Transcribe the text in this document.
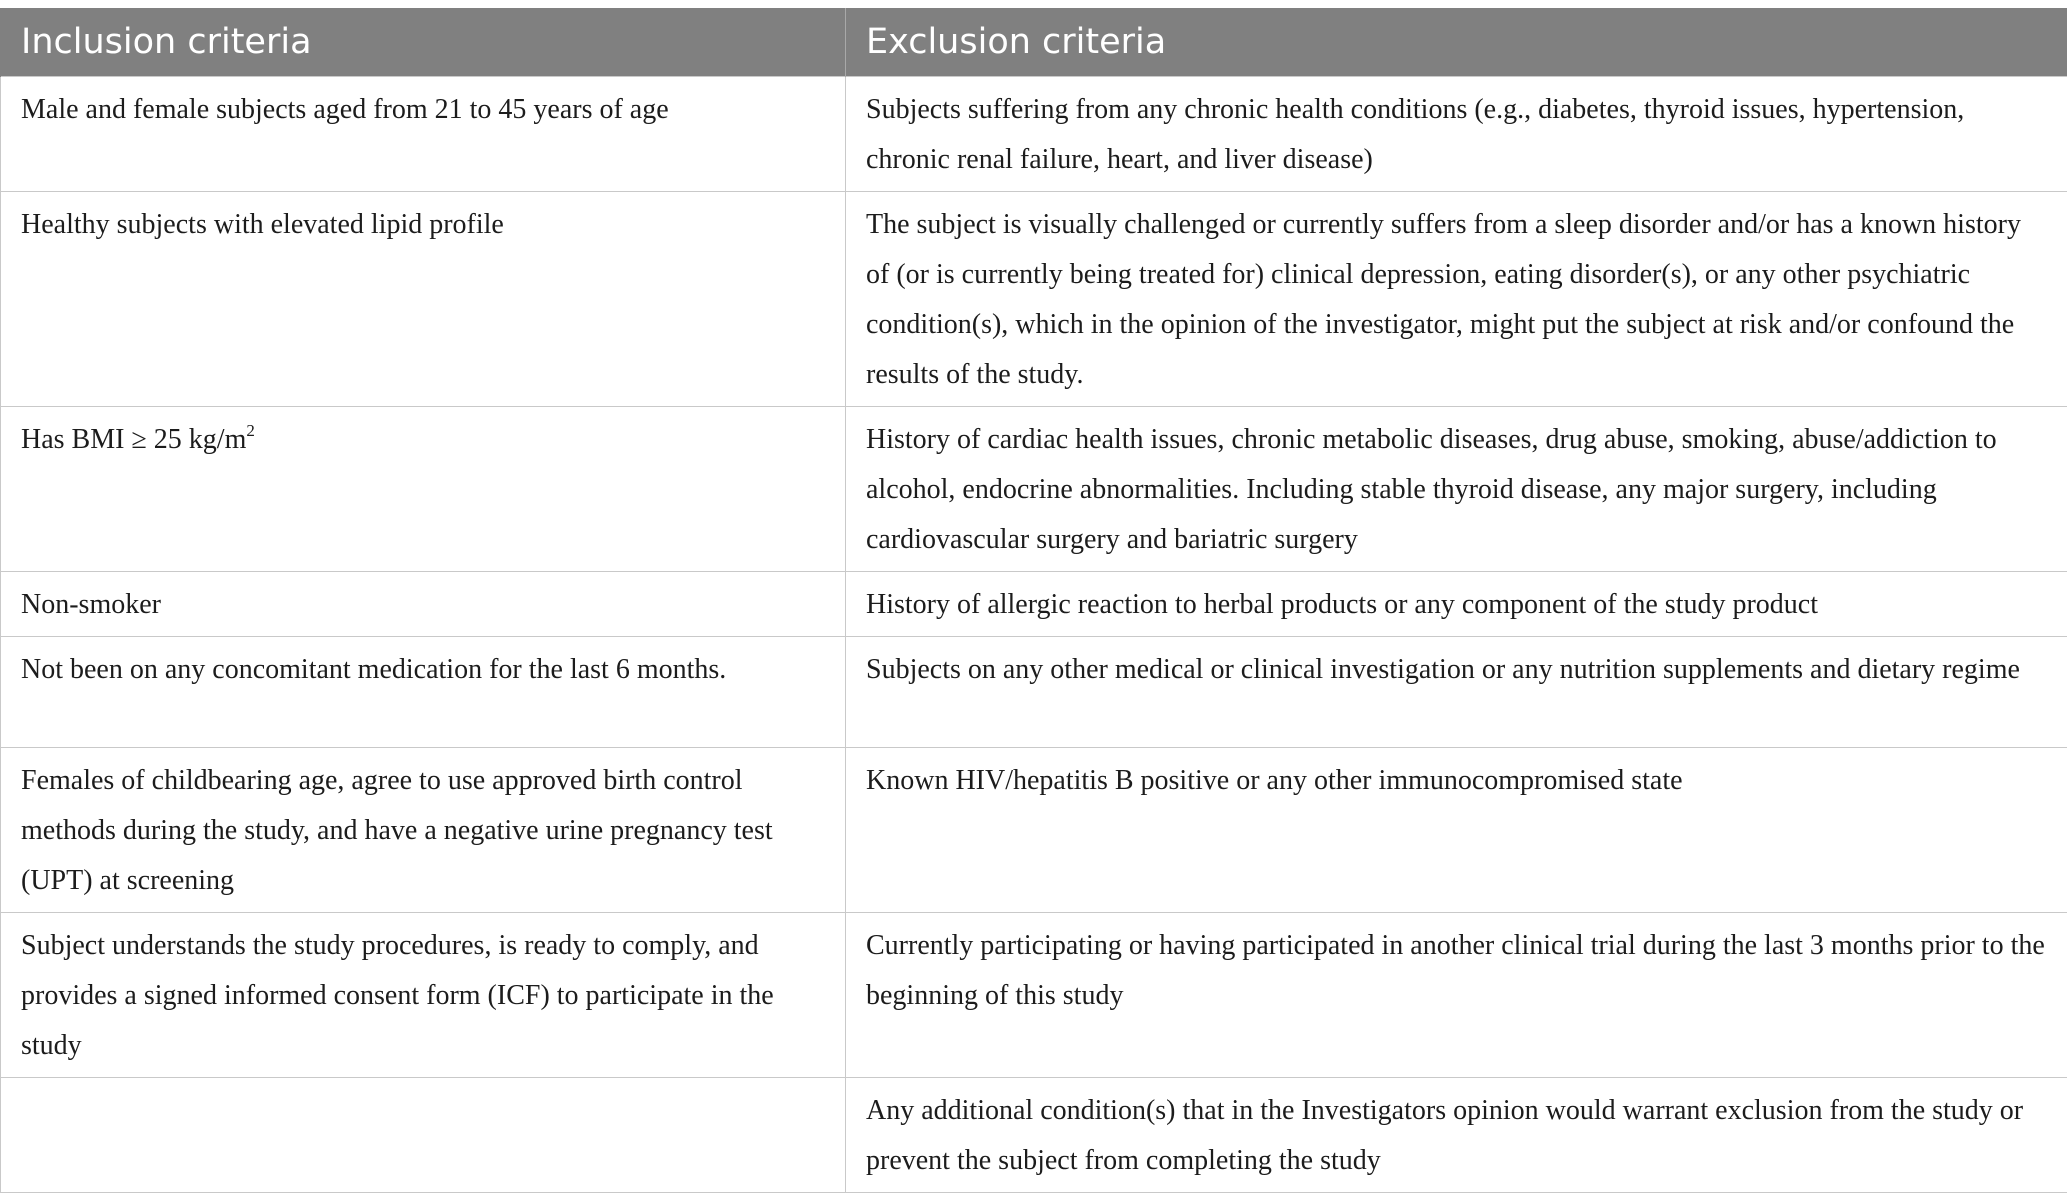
Inclusion criteria	Exclusion criteria
Male and female subjects aged from 21 to 45 years of age	Subjects suffering from any chronic health conditions (e.g., diabetes, thyroid issues, hypertension, chronic renal failure, heart, and liver disease)
Healthy subjects with elevated lipid profile	The subject is visually challenged or currently suffers from a sleep disorder and/or has a known history of (or is currently being treated for) clinical depression, eating disorder(s), or any other psychiatric condition(s), which in the opinion of the investigator, might put the subject at risk and/or confound the results of the study.
Has BMI ≥ 25 $kg/m^2$	History of cardiac health issues, chronic metabolic diseases, drug abuse, smoking, abuse/addiction to alcohol, endocrine abnormalities. Including stable thyroid disease, any major surgery, including cardiovascular surgery and bariatric surgery
Non-smoker	History of allergic reaction to herbal products or any component of the study product
Not been on any concomitant medication for the last 6 months.	Subjects on any other medical or clinical investigation or any nutrition supplements and dietary regime
Females of childbearing age, agree to use approved birth control methods during the study, and have a negative urine pregnancy test (UPT) at screening	Known HIV/hepatitis B positive or any other immunocompromised state
Subject understands the study procedures, is ready to comply, and provides a signed informed consent form (ICF) to participate in the study	Currently participating or having participated in another clinical trial during the last 3 months prior to the beginning of this study
	Any additional condition(s) that in the Investigators opinion would warrant exclusion from the study or prevent the subject from completing the study
